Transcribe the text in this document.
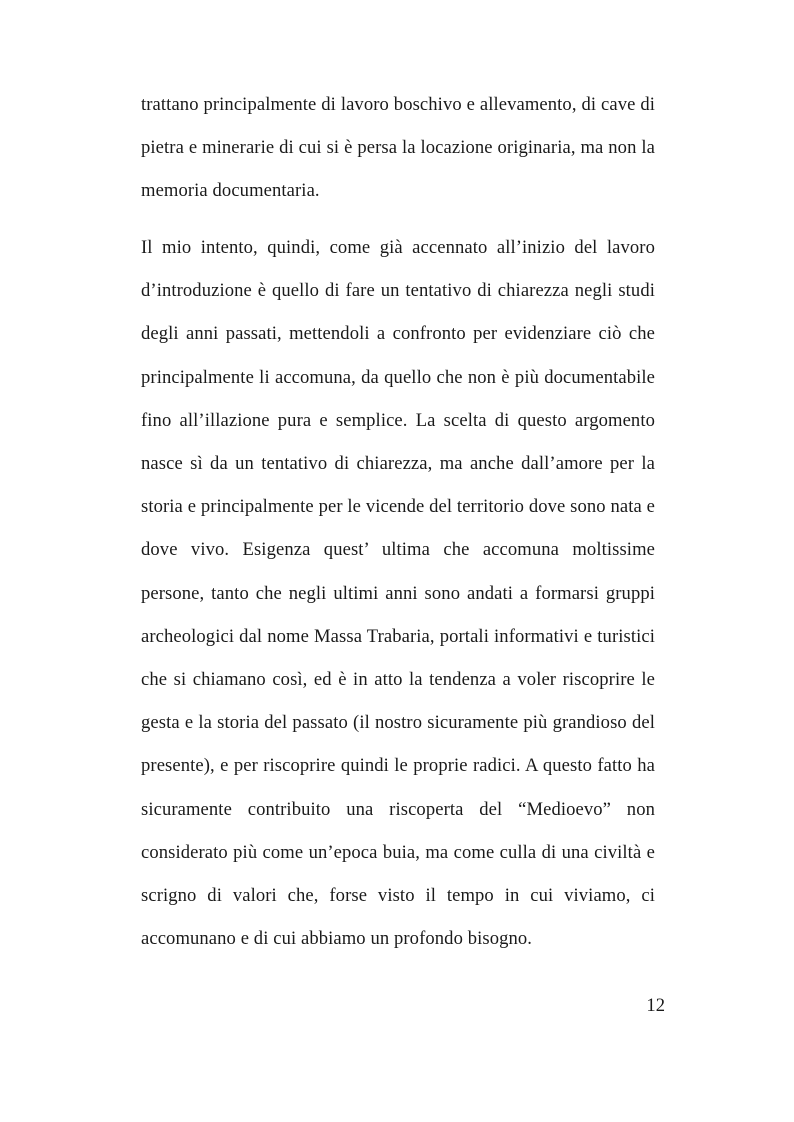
trattano principalmente di lavoro boschivo e allevamento, di cave di pietra e minerarie di cui si è persa la locazione originaria, ma non la memoria documentaria.

Il mio intento, quindi, come già accennato all’inizio del lavoro d’introduzione è quello di fare un tentativo di chiarezza negli studi degli anni passati, mettendoli a confronto per evidenziare ciò che principalmente li accomuna, da quello che non è più documentabile fino all’illazione pura e semplice. La scelta di questo argomento nasce sì da un tentativo di chiarezza, ma anche dall’amore per la storia e principalmente per le vicende del territorio dove sono nata e dove vivo. Esigenza quest’ ultima che accomuna moltissime persone, tanto che negli ultimi anni sono andati a formarsi gruppi archeologici dal nome Massa Trabaria, portali informativi e turistici che si chiamano così, ed è in atto la tendenza a voler riscoprire le gesta e la storia del passato (il nostro sicuramente più grandioso del presente), e per riscoprire quindi le proprie radici. A questo fatto ha sicuramente contribuito una riscoperta del “Medioevo” non considerato più come un’epoca buia, ma come culla di una civiltà e scrigno di valori che, forse visto il tempo in cui viviamo, ci accomunano e di cui abbiamo un profondo bisogno.

12
